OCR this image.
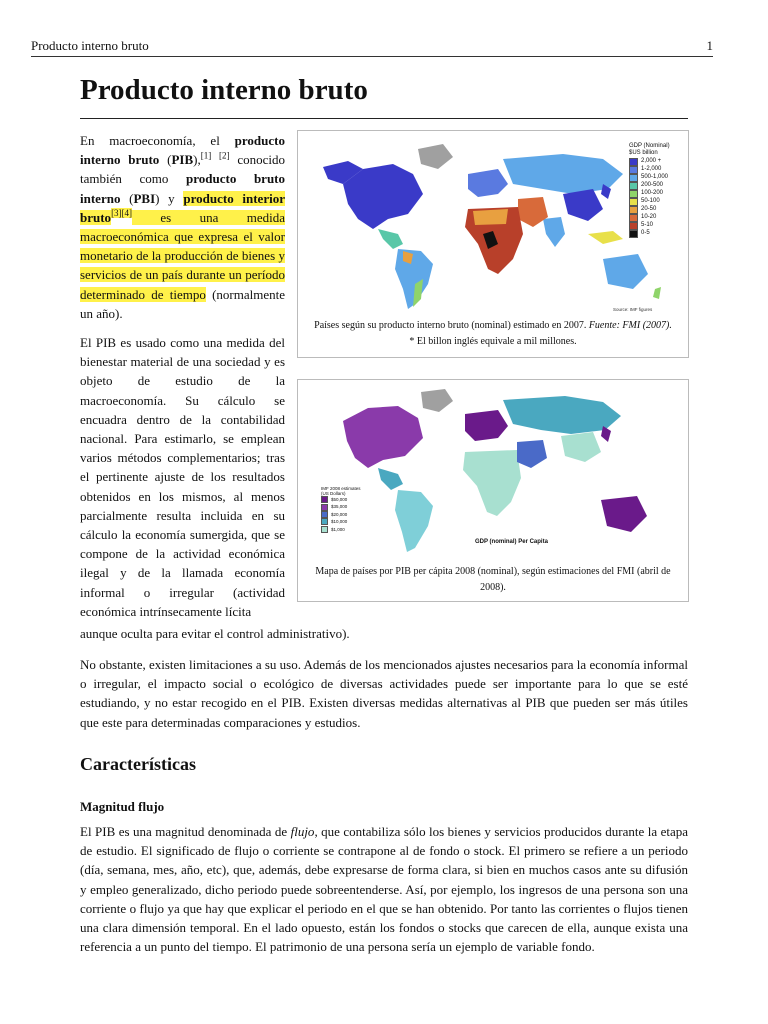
Producto interno bruto	1
Producto interno bruto
En macroeconomía, el producto interno bruto (PIB),[1] [2] conocido también como producto bruto interno (PBI) y producto interior bruto[3][4] es una medida macroeconómica que expresa el valor monetario de la producción de bienes y servicios de un país durante un período determinado de tiempo (normalmente un año).
El PIB es usado como una medida del bienestar material de una sociedad y es objeto de estudio de la macroeconomía. Su cálculo se encuadra dentro de la contabilidad nacional. Para estimarlo, se emplean varios métodos complementarios; tras el pertinente ajuste de los resultados obtenidos en los mismos, al menos parcialmente resulta incluida en su cálculo la economía sumergida, que se compone de la actividad económica ilegal y de la llamada economía informal o irregular (actividad económica intrínsecamente lícita
aunque oculta para evitar el control administrativo).
GDP (Nominal)
$US billion
2,000 +
1-2,000
500-1,000
200-500
100-200
50-100
20-50
10-20
5-10
0-5
Source: IMF figures
Países según su producto interno bruto (nominal) estimado en 2007. Fuente: FMI (2007).
* El billon inglés equivale a mil millones.
IMF 2008 estimates (US Dollars)
$50,000
$35,000
$20,000
$10,000
$1,000
GDP (nominal) Per Capita
Mapa de países por PIB per cápita 2008 (nominal), según estimaciones del FMI (abril de 2008).
No obstante, existen limitaciones a su uso. Además de los mencionados ajustes necesarios para la economía informal o irregular, el impacto social o ecológico de diversas actividades puede ser importante para lo que se esté estudiando, y no estar recogido en el PIB. Existen diversas medidas alternativas al PIB que pueden ser más útiles que este para determinadas comparaciones y estudios.
Características
Magnitud flujo
El PIB es una magnitud denominada de flujo, que contabiliza sólo los bienes y servicios producidos durante la etapa de estudio. El significado de flujo o corriente se contrapone al de fondo o stock. El primero se refiere a un periodo (día, semana, mes, año, etc), que, además, debe expresarse de forma clara, si bien en muchos casos ante su difusión y empleo generalizado, dicho periodo puede sobreentenderse. Así, por ejemplo, los ingresos de una persona son una corriente o flujo ya que hay que explicar el periodo en el que se han obtenido. Por tanto las corrientes o flujos tienen una clara dimensión temporal. En el lado opuesto, están los fondos o stocks que carecen de ella, aunque exista una referencia a un punto del tiempo. El patrimonio de una persona sería un ejemplo de variable fondo.
